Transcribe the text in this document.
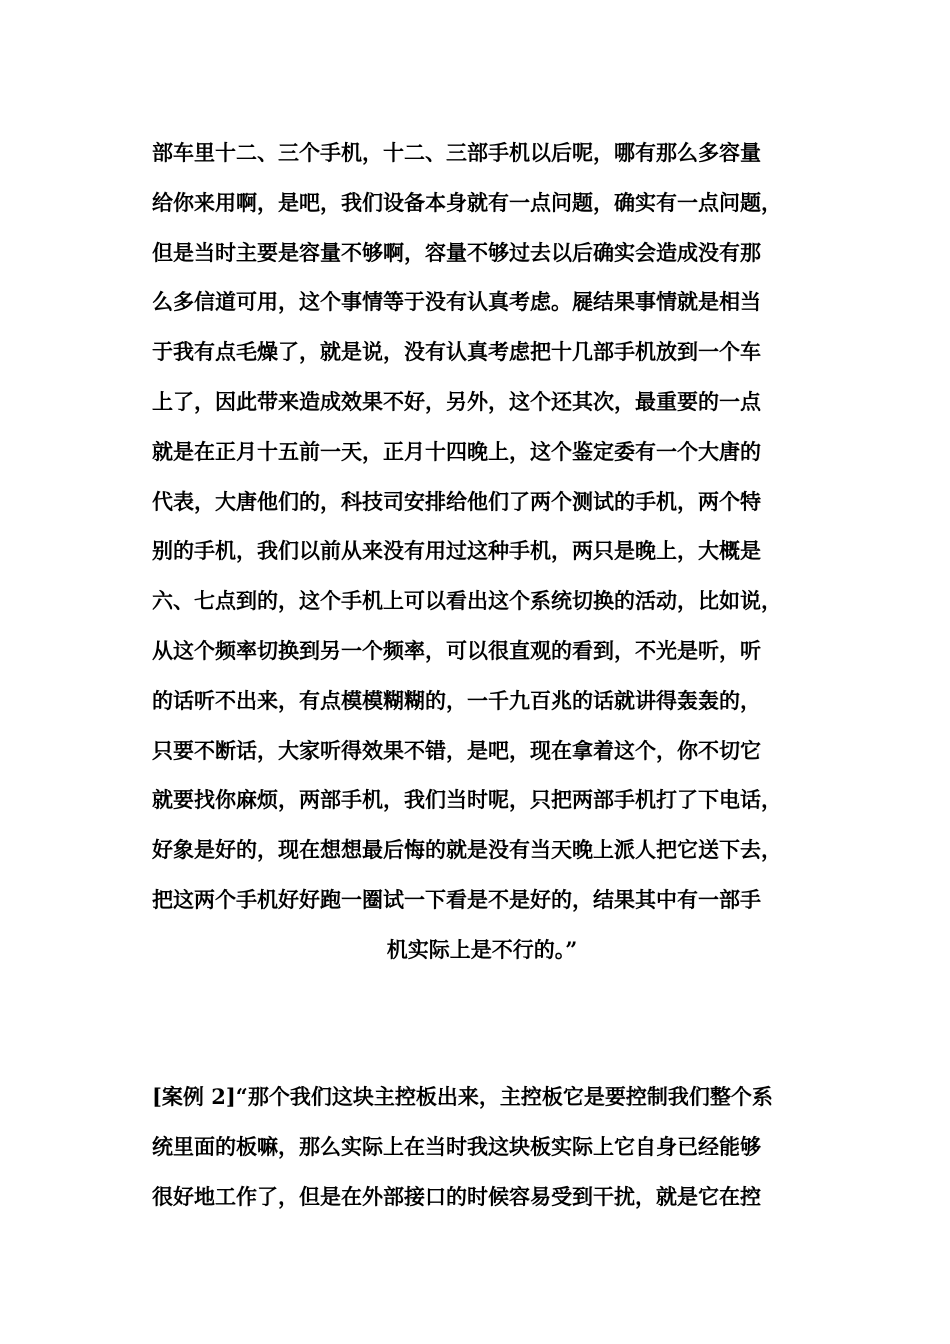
部车里十二、三个手机，十二、三部手机以后呢，哪有那么多容量
给你来用啊，是吧，我们设备本身就有一点问题，确实有一点问题，
但是当时主要是容量不够啊，容量不够过去以后确实会造成没有那
么多信道可用，这个事情等于没有认真考虑。屣结果事情就是相当
于我有点毛燥了，就是说，没有认真考虑把十几部手机放到一个车
上了，因此带来造成效果不好，另外，这个还其次，最重要的一点
就是在正月十五前一天，正月十四晚上，这个鉴定委有一个大唐的
代表，大唐他们的，科技司安排给他们了两个测试的手机，两个特
别的手机，我们以前从来没有用过这种手机，两只是晚上，大概是
六、七点到的，这个手机上可以看出这个系统切换的活动，比如说，
从这个频率切换到另一个频率，可以很直观的看到，不光是听，听
的话听不出来，有点模模糊糊的，一千九百兆的话就讲得轰轰的，
只要不断话，大家听得效果不错，是吧，现在拿着这个，你不切它
就要找你麻烦，两部手机，我们当时呢，只把两部手机打了下电话，
好象是好的，现在想想最后悔的就是没有当天晚上派人把它送下去，
把这两个手机好好跑一圈试一下看是不是好的，结果其中有一部手
机实际上是不行的。”
[案例 2]“那个我们这块主控板出来，主控板它是要控制我们整个系
统里面的板嘛，那么实际上在当时我这块板实际上它自身已经能够
很好地工作了，但是在外部接口的时候容易受到干扰，就是它在控
